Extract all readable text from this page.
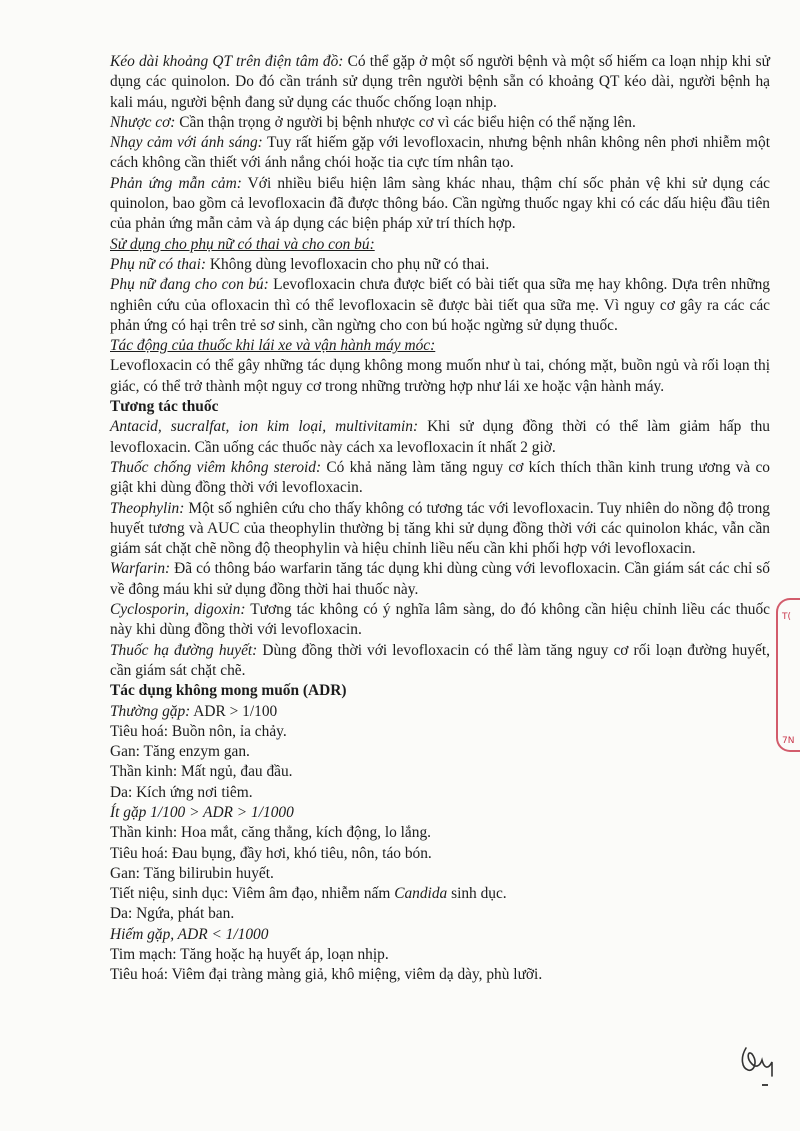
Kéo dài khoảng QT trên điện tâm đồ: Có thể gặp ở một số người bệnh và một số hiếm ca loạn nhịp khi sử dụng các quinolon. Do đó cần tránh sử dụng trên người bệnh sẵn có khoảng QT kéo dài, người bệnh hạ kali máu, người bệnh đang sử dụng các thuốc chống loạn nhịp.

Nhược cơ: Cần thận trọng ở người bị bệnh nhược cơ vì các biểu hiện có thể nặng lên.

Nhạy cảm với ánh sáng: Tuy rất hiếm gặp với levofloxacin, nhưng bệnh nhân không nên phơi nhiễm một cách không cần thiết với ánh nắng chói hoặc tia cực tím nhân tạo.

Phản ứng mẫn cảm: Với nhiều biểu hiện lâm sàng khác nhau, thậm chí sốc phản vệ khi sử dụng các quinolon, bao gồm cả levofloxacin đã được thông báo. Cần ngừng thuốc ngay khi có các dấu hiệu đầu tiên của phản ứng mẫn cảm và áp dụng các biện pháp xử trí thích hợp.

Sử dụng cho phụ nữ có thai và cho con bú:

Phụ nữ có thai: Không dùng levofloxacin cho phụ nữ có thai.

Phụ nữ đang cho con bú: Levofloxacin chưa được biết có bài tiết qua sữa mẹ hay không. Dựa trên những nghiên cứu của ofloxacin thì có thể levofloxacin sẽ được bài tiết qua sữa mẹ. Vì nguy cơ gây ra các các phản ứng có hại trên trẻ sơ sinh, cần ngừng cho con bú hoặc ngừng sử dụng thuốc.

Tác động của thuốc khi lái xe và vận hành máy móc:

Levofloxacin có thể gây những tác dụng không mong muốn như ù tai, chóng mặt, buồn ngủ và rối loạn thị giác, có thể trở thành một nguy cơ trong những trường hợp như lái xe hoặc vận hành máy.

Tương tác thuốc

Antacid, sucralfat, ion kim loại, multivitamin: Khi sử dụng đồng thời có thể làm giảm hấp thu levofloxacin. Cần uống các thuốc này cách xa levofloxacin ít nhất 2 giờ.

Thuốc chống viêm không steroid: Có khả năng làm tăng nguy cơ kích thích thần kinh trung ương và co giật khi dùng đồng thời với levofloxacin.

Theophylin: Một số nghiên cứu cho thấy không có tương tác với levofloxacin. Tuy nhiên do nồng độ trong huyết tương và AUC của theophylin thường bị tăng khi sử dụng đồng thời với các quinolon khác, vẫn cần giám sát chặt chẽ nồng độ theophylin và hiệu chỉnh liều nếu cần khi phối hợp với levofloxacin.

Warfarin: Đã có thông báo warfarin tăng tác dụng khi dùng cùng với levofloxacin. Cần giám sát các chỉ số về đông máu khi sử dụng đồng thời hai thuốc này.

Cyclosporin, digoxin: Tương tác không có ý nghĩa lâm sàng, do đó không cần hiệu chỉnh liều các thuốc này khi dùng đồng thời với levofloxacin.

Thuốc hạ đường huyết: Dùng đồng thời với levofloxacin có thể làm tăng nguy cơ rối loạn đường huyết, cần giám sát chặt chẽ.

Tác dụng không mong muốn (ADR)

Thường gặp: ADR > 1/100

Tiêu hoá: Buồn nôn, ỉa chảy.

Gan: Tăng enzym gan.

Thần kinh: Mất ngủ, đau đầu.

Da: Kích ứng nơi tiêm.

Ít gặp 1/100 > ADR > 1/1000

Thần kinh: Hoa mắt, căng thẳng, kích động, lo lắng.

Tiêu hoá: Đau bụng, đầy hơi, khó tiêu, nôn, táo bón.

Gan: Tăng bilirubin huyết.

Tiết niệu, sinh dục: Viêm âm đạo, nhiễm nấm Candida sinh dục.

Da: Ngứa, phát ban.

Hiếm gặp, ADR < 1/1000

Tim mạch: Tăng hoặc hạ huyết áp, loạn nhịp.

Tiêu hoá: Viêm đại tràng màng giả, khô miệng, viêm dạ dày, phù lưỡi.

T(
7N
